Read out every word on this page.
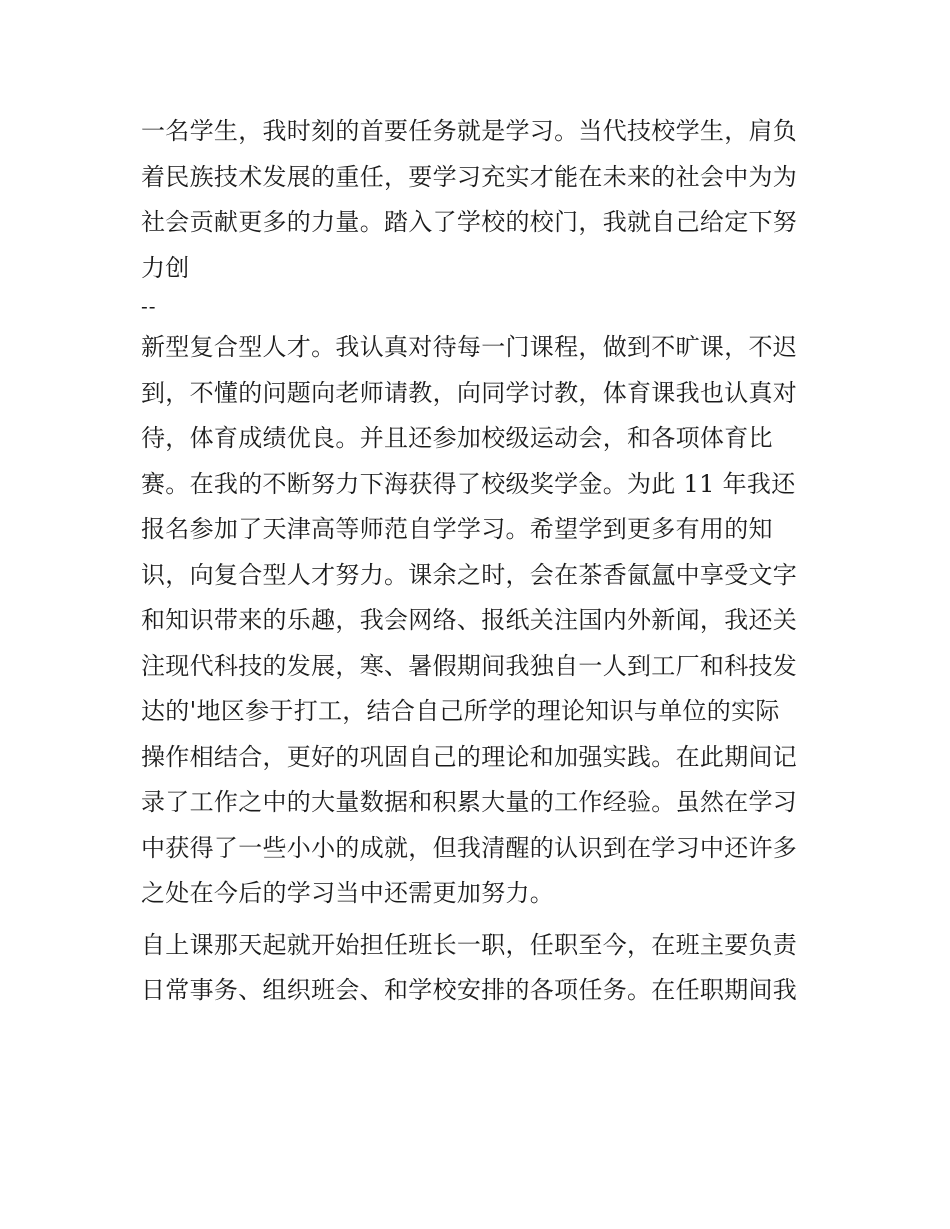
一名学生，我时刻的首要任务就是学习。当代技校学生，肩负
着民族技术发展的重任，要学习充实才能在未来的社会中为为
社会贡献更多的力量。踏入了学校的校门，我就自己给定下努
力创
--
新型复合型人才。我认真对待每一门课程，做到不旷课，不迟
到，不懂的问题向老师请教，向同学讨教，体育课我也认真对
待，体育成绩优良。并且还参加校级运动会，和各项体育比
赛。在我的不断努力下海获得了校级奖学金。为此 11 年我还
报名参加了天津高等师范自学学习。希望学到更多有用的知
识，向复合型人才努力。课余之时，会在茶香氤氲中享受文字
和知识带来的乐趣，我会网络、报纸关注国内外新闻，我还关
注现代科技的发展，寒、暑假期间我独自一人到工厂和科技发
达的'地区参于打工，结合自己所学的理论知识与单位的实际
操作相结合，更好的巩固自己的理论和加强实践。在此期间记
录了工作之中的大量数据和积累大量的工作经验。虽然在学习
中获得了一些小小的成就，但我清醒的认识到在学习中还许多
之处在今后的学习当中还需更加努力。
自上课那天起就开始担任班长一职，任职至今，在班主要负责
日常事务、组织班会、和学校安排的各项任务。在任职期间我
